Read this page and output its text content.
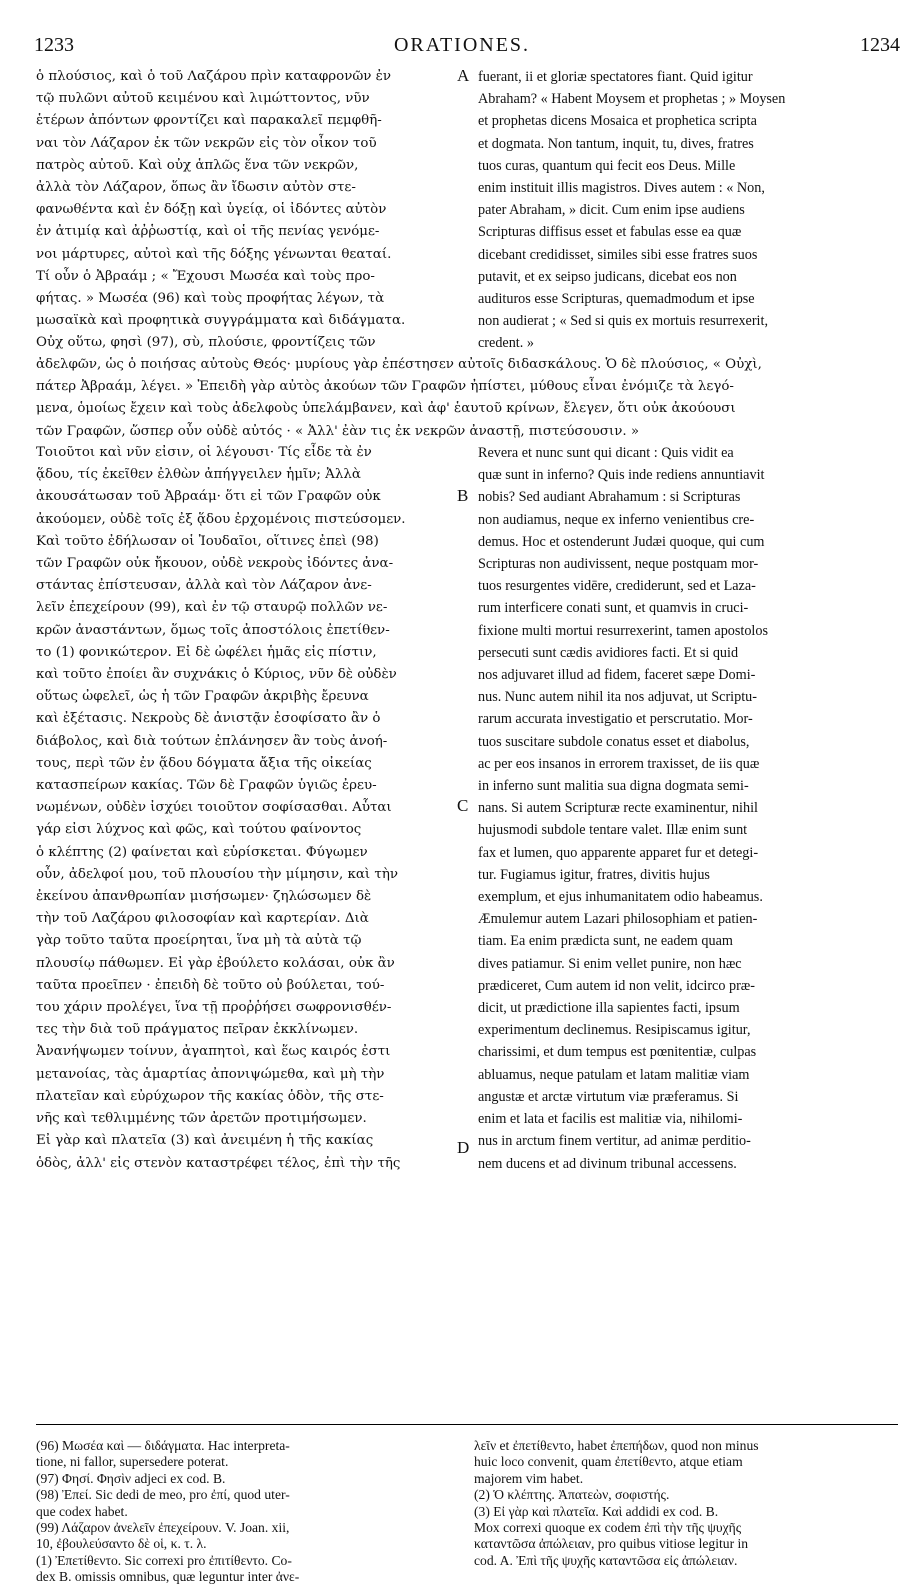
1233	ORATIONES.	1234
ὁ πλούσιος, καὶ ὁ τοῦ Λαζάρου πρὶν καταφρονῶν ἐν
τῷ πυλῶνι αὐτοῦ κειμένου καὶ λιμώττοντος, νῦν
ἑτέρων ἀπόντων φροντίζει καὶ παρακαλεῖ πεμφθῆ-
ναι τὸν Λάζαρον ἐκ τῶν νεκρῶν εἰς τὸν οἶκον τοῦ
πατρὸς αὐτοῦ. Καὶ οὐχ ἁπλῶς ἕνα τῶν νεκρῶν,
ἀλλὰ τὸν Λάζαρον, ὅπως ἂν ἴδωσιν αὐτὸν στε-
φανωθέντα καὶ ἐν δόξῃ καὶ ὑγείᾳ, οἱ ἰδόντες αὐτὸν
ἐν ἀτιμίᾳ καὶ ἀῤῥωστίᾳ, καὶ οἱ τῆς πενίας γενόμε-
νοι μάρτυρες, αὐτοὶ καὶ τῆς δόξης γένωνται θεαταί.
Τί οὖν ὁ Ἀβραάμ ; « Ἔχουσι Μωσέα καὶ τοὺς προ-
φήτας. » Μωσέα (96) καὶ τοὺς προφήτας λέγων, τὰ
μωσαϊκὰ καὶ προφητικὰ συγγράμματα καὶ διδάγματα.
Οὐχ οὕτω, φησὶ (97), σὺ, πλούσιε, φροντίζεις τῶν
A fuerant, ii et gloriæ spectatores fiant. Quid igitur
Abraham? « Habent Moysem et prophetas ; » Moysen
et prophetas dicens Mosaica et prophetica scripta
et dogmata. Non tantum, inquit, tu, dives, fratres
tuos curas, quantum qui fecit eos Deus. Mille
enim instituit illis magistros. Dives autem : « Non,
pater Abraham, » dicit. Cum enim ipse audiens
Scripturas diffisus esset et fabulas esse ea quæ
dicebant credidisset, similes sibi esse fratres suos
putavit, et ex seipso judicans, dicebat eos non
audituros esse Scripturas, quemadmodum et ipse
non audierat ; « Sed si quis ex mortuis resurrexerit,
credent. »
ἀδελφῶν, ὡς ὁ ποιήσας αὐτοὺς Θεός· μυρίους γὰρ ἐπέστησεν αὐτοῖς διδασκάλους. Ὁ δὲ πλούσιος, « Οὐχὶ,
πάτερ Ἀβραάμ, λέγει. » Ἐπειδὴ γὰρ αὐτὸς ἀκούων τῶν Γραφῶν ἠπίστει, μύθους εἶναι ἐνόμιζε τὰ λεγό-
μενα, ὁμοίως ἔχειν καὶ τοὺς ἀδελφοὺς ὑπελάμβανεν, καὶ ἀφ' ἑαυτοῦ κρίνων, ἔλεγεν, ὅτι οὐκ ἀκούουσι
τῶν Γραφῶν, ὥσπερ οὖν οὐδὲ αὐτός · « Ἀλλ' ἐὰν τις ἐκ νεκρῶν ἀναστῇ, πιστεύσουσιν. »
Τοιοῦτοι καὶ νῦν εἰσιν, οἱ λέγουσι· Τίς εἶδε τὰ ἐν
ᾅδου, τίς ἐκεῖθεν ἐλθὼν ἀπήγγειλεν ἡμῖν; Ἀλλὰ
ἀκουσάτωσαν τοῦ Ἀβραάμ· ὅτι εἰ τῶν Γραφῶν οὐκ
ἀκούομεν, οὐδὲ τοῖς ἐξ ᾅδου ἐρχομένοις πιστεύσομεν.
Καὶ τοῦτο ἐδήλωσαν οἱ Ἰουδαῖοι, οἵτινες ἐπεὶ (98)
τῶν Γραφῶν οὐκ ἤκουον, οὐδὲ νεκροὺς ἰδόντες ἀνα-
στάντας ἐπίστευσαν, ἀλλὰ καὶ τὸν Λάζαρον ἀνε-
λεῖν ἐπεχείρουν (99), καὶ ἐν τῷ σταυρῷ πολλῶν νε-
κρῶν ἀναστάντων, ὅμως τοῖς ἀποστόλοις ἐπετίθεν-
το (1) φονικώτερον. Εἰ δὲ ὠφέλει ἡμᾶς εἰς πίστιν,
καὶ τοῦτο ἐποίει ἂν συχνάκις ὁ Κύριος, νῦν δὲ οὐδὲν
οὕτως ὠφελεῖ, ὡς ἡ τῶν Γραφῶν ἀκριβὴς ἔρευνα
καὶ ἐξέτασις. Νεκροὺς δὲ ἀνιστᾷν ἐσοφίσατο ἂν ὁ
διάβολος, καὶ διὰ τούτων ἐπλάνησεν ἂν τοὺς ἀνοή-
τους, περὶ τῶν ἐν ᾅδου δόγματα ἄξια τῆς οἰκείας
κατασπείρων κακίας. Τῶν δὲ Γραφῶν ὑγιῶς ἐρευ-
νωμένων, οὐδὲν ἰσχύει τοιοῦτον σοφίσασθαι. Αὗται
γάρ εἰσι λύχνος καὶ φῶς, καὶ τούτου φαίνοντος
ὁ κλέπτης (2) φαίνεται καὶ εὑρίσκεται. Φύγωμεν
οὖν, ἀδελφοί μου, τοῦ πλουσίου τὴν μίμησιν, καὶ τὴν
ἐκείνου ἀπανθρωπίαν μισήσωμεν· ζηλώσωμεν δὲ
τὴν τοῦ Λαζάρου φιλοσοφίαν καὶ καρτερίαν. Διὰ
γὰρ τοῦτο ταῦτα προείρηται, ἵνα μὴ τὰ αὐτὰ τῷ
πλουσίῳ πάθωμεν. Εἰ γὰρ ἐβούλετο κολάσαι, οὐκ ἂν
ταῦτα προεῖπεν · ἐπειδὴ δὲ τοῦτο οὐ βούλεται, τού-
του χάριν προλέγει, ἵνα τῇ προῤῥήσει σωφρονισθέν-
τες τὴν διὰ τοῦ πράγματος πεῖραν ἐκκλίνωμεν.
Ἀνανήψωμεν τοίνυν, ἀγαπητοὶ, καὶ ἕως καιρός ἐστι
μετανοίας, τὰς ἁμαρτίας ἀπονιψώμεθα, καὶ μὴ τὴν
πλατεῖαν καὶ εὐρύχωρον τῆς κακίας ὁδὸν, τῆς στε-
νῆς καὶ τεθλιμμένης τῶν ἀρετῶν προτιμήσωμεν.
Εἰ γὰρ καὶ πλατεῖα (3) καὶ ἀνειμένη ἡ τῆς κακίας
ὁδὸς, ἀλλ' εἰς στενὸν καταστρέφει τέλος, ἐπὶ τὴν τῆς
B
C
D
Revera et nunc sunt qui dicant : Quis vidit ea
quæ sunt in inferno? Quis inde rediens annuntiavit
nobis? Sed audiant Abrahamum : si Scripturas
non audiamus, neque ex inferno venientibus cre-
demus. Hoc et ostenderunt Judæi quoque, qui cum
Scripturas non audivissent, neque postquam mor-
tuos resurgentes vidēre, crediderunt, sed et Laza-
rum interficere conati sunt, et quamvis in cruci-
fixione multi mortui resurrexerint, tamen apostolos
persecuti sunt cædis avidiores facti. Et si quid
nos adjuvaret illud ad fidem, faceret sæpe Domi-
nus. Nunc autem nihil ita nos adjuvat, ut Scriptu-
rarum accurata investigatio et perscrutatio. Mor-
tuos suscitare subdole conatus esset et diabolus,
ac per eos insanos in errorem traxisset, de iis quæ
in inferno sunt malitia sua digna dogmata semi-
nans. Si autem Scripturæ recte examinentur, nihil
hujusmodi subdole tentare valet. Illæ enim sunt
fax et lumen, quo apparente apparet fur et detegi-
tur. Fugiamus igitur, fratres, divitis hujus
exemplum, et ejus inhumanitatem odio habeamus.
Æmulemur autem Lazari philosophiam et patien-
tiam. Ea enim prædicta sunt, ne eadem quam
dives patiamur. Si enim vellet punire, non hæc
prædiceret, Cum autem id non velit, idcirco præ-
dicit, ut prædictione illa sapientes facti, ipsum
experimentum declinemus. Resipiscamus igitur,
charissimi, et dum tempus est pœnitentiæ, culpas
abluamus, neque patulam et latam malitiæ viam
angustæ et arctæ virtutum viæ præferamus. Si
enim et lata et facilis est malitiæ via, nihilomi-
nus in arctum finem vertitur, ad animæ perditio-
nem ducens et ad divinum tribunal accessens.
(96) Μωσέα καὶ — διδάγματα. Hac interpreta-
tione, ni fallor, supersedere poterat.
(97) Φησί. Φησὶν adjeci ex cod. B.
(98) Ἐπεί. Sic dedi de meo, pro ἐπί, quod uter-
que codex habet.
(99) Λάζαρον ἀνελεῖν ἐπεχείρουν. V. Joan. xii,
10, ἐβουλεύσαντο δὲ οἱ, κ. τ. λ.
(1) Ἐπετίθεντο. Sic correxi pro ἐπιτίθεντο. Co-
dex B. omissis omnibus, quæ leguntur inter ἀνε-
λεῖν et ἐπετίθεντο, habet ἐπεπήδων, quod non minus
huic loco convenit, quam ἐπετίθεντο, atque etiam
majorem vim habet.
(2) Ὁ κλέπτης. Ἀπατεὼν, σοφιστής.
(3) Εἰ γὰρ καὶ πλατεῖα. Καὶ addidi ex cod. B.
Mox correxi quoque ex codem ἐπὶ τὴν τῆς ψυχῆς
καταντῶσα ἀπώλειαν, pro quibus vitiose legitur in
cod. A. Ἐπὶ τῆς ψυχῆς καταντῶσα εἰς ἀπώλειαν.
